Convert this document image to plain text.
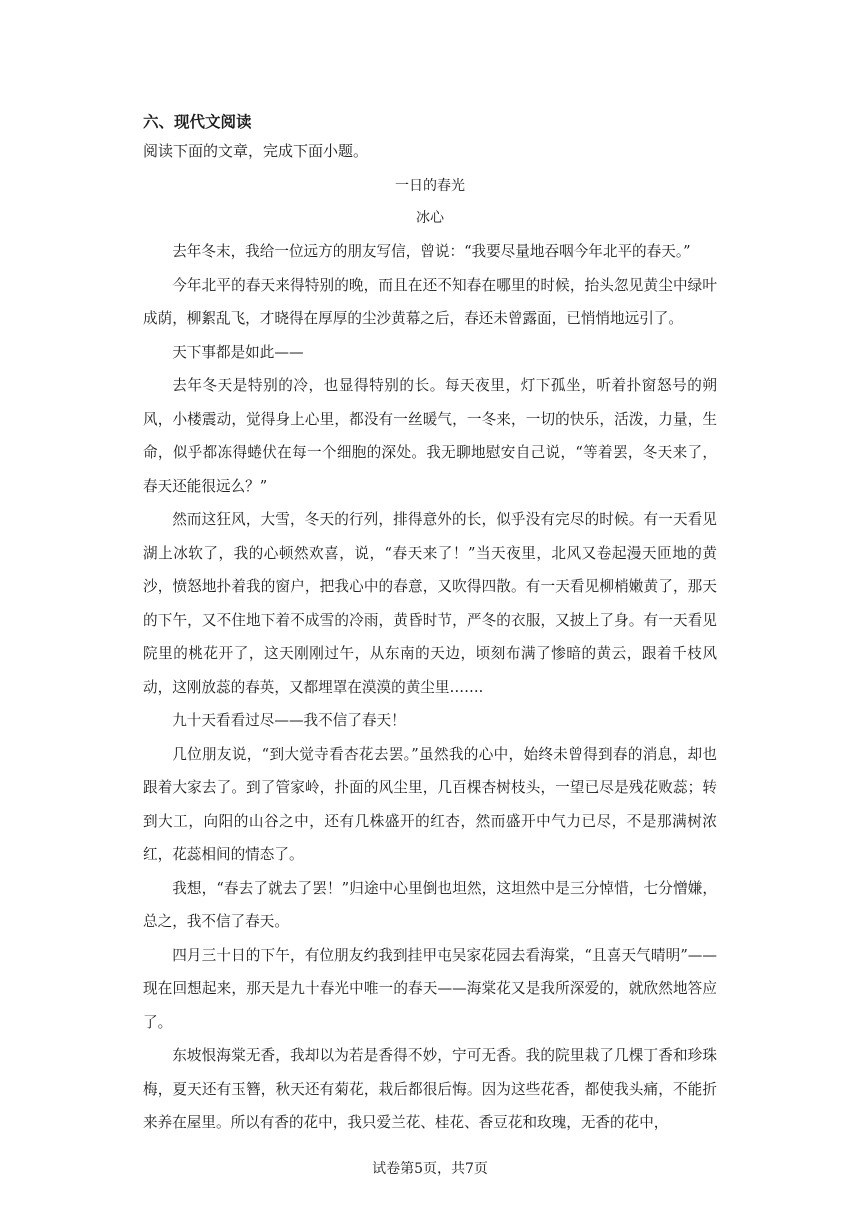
六、现代文阅读
阅读下面的文章，完成下面小题。
一日的春光
冰心

去年冬末，我给一位远方的朋友写信，曾说：“我要尽量地吞咽今年北平的春天。”

今年北平的春天来得特别的晚，而且在还不知春在哪里的时候，抬头忽见黄尘中绿叶成荫，柳絮乱飞，才晓得在厚厚的尘沙黄幕之后，春还未曾露面，已悄悄地远引了。

天下事都是如此——

去年冬天是特别的冷，也显得特别的长。每天夜里，灯下孤坐，听着扑窗怒号的朔风，小楼震动，觉得身上心里，都没有一丝暖气，一冬来，一切的快乐，活泼，力量，生命，似乎都冻得蜷伏在每一个细胞的深处。我无聊地慰安自己说，“等着罢，冬天来了，春天还能很远么？”

然而这狂风，大雪，冬天的行列，排得意外的长，似乎没有完尽的时候。有一天看见湖上冰软了，我的心顿然欢喜，说，“春天来了！”当天夜里，北风又卷起漫天匝地的黄沙，愤怒地扑着我的窗户，把我心中的春意，又吹得四散。有一天看见柳梢嫩黄了，那天的下午，又不住地下着不成雪的冷雨，黄昏时节，严冬的衣服，又披上了身。有一天看见院里的桃花开了，这天刚刚过午，从东南的天边，顷刻布满了惨暗的黄云，跟着千枝风动，这刚放蕊的春英，又都埋罩在漠漠的黄尘里…….

九十天看看过尽——我不信了春天！

几位朋友说，“到大觉寺看杏花去罢。”虽然我的心中，始终未曾得到春的消息，却也跟着大家去了。到了管家岭，扑面的风尘里，几百棵杏树枝头，一望已尽是残花败蕊；转到大工，向阳的山谷之中，还有几株盛开的红杏，然而盛开中气力已尽，不是那满树浓红，花蕊相间的情态了。

我想，“春去了就去了罢！”归途中心里倒也坦然，这坦然中是三分悼惜，七分憎嫌，总之，我不信了春天。

四月三十日的下午，有位朋友约我到挂甲屯吴家花园去看海棠，“且喜天气晴明”——现在回想起来，那天是九十春光中唯一的春天——海棠花又是我所深爱的，就欣然地答应了。

东坡恨海棠无香，我却以为若是香得不妙，宁可无香。我的院里栽了几棵丁香和珍珠梅，夏天还有玉簪，秋天还有菊花，栽后都很后悔。因为这些花香，都使我头痛，不能折来养在屋里。所以有香的花中，我只爱兰花、桂花、香豆花和玫瑰，无香的花中，

试卷第5页，共7页
